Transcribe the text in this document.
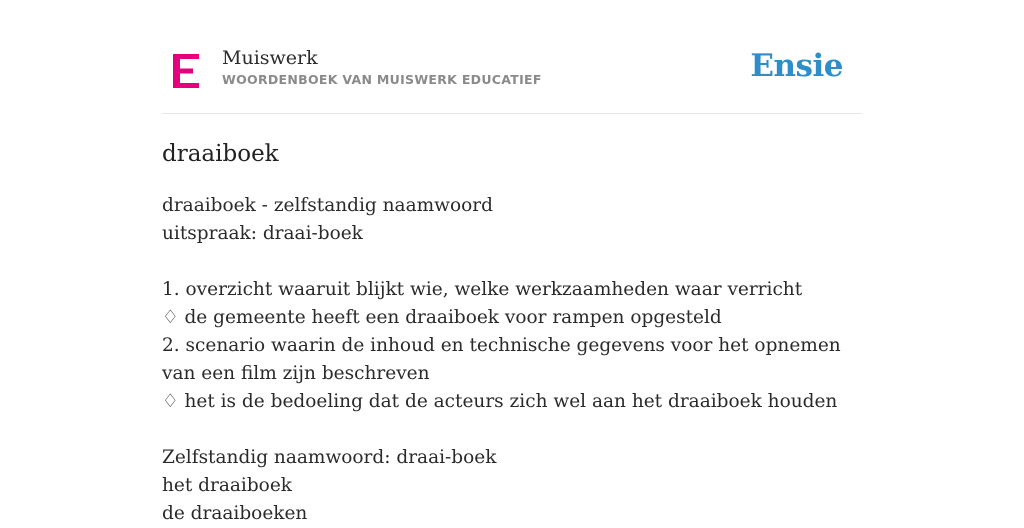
Muiswerk
WOORDENBOEK VAN MUISWERK EDUCATIEF	Ensie
draaiboek
draaiboek - zelfstandig naamwoord
uitspraak: draai-boek
1. overzicht waaruit blijkt wie, welke werkzaamheden waar verricht
♢ de gemeente heeft een draaiboek voor rampen opgesteld
2. scenario waarin de inhoud en technische gegevens voor het opnemen van een film zijn beschreven
♢ het is de bedoeling dat de acteurs zich wel aan het draaiboek houden
Zelfstandig naamwoord: draai-boek
het draaiboek
de draaiboeken
